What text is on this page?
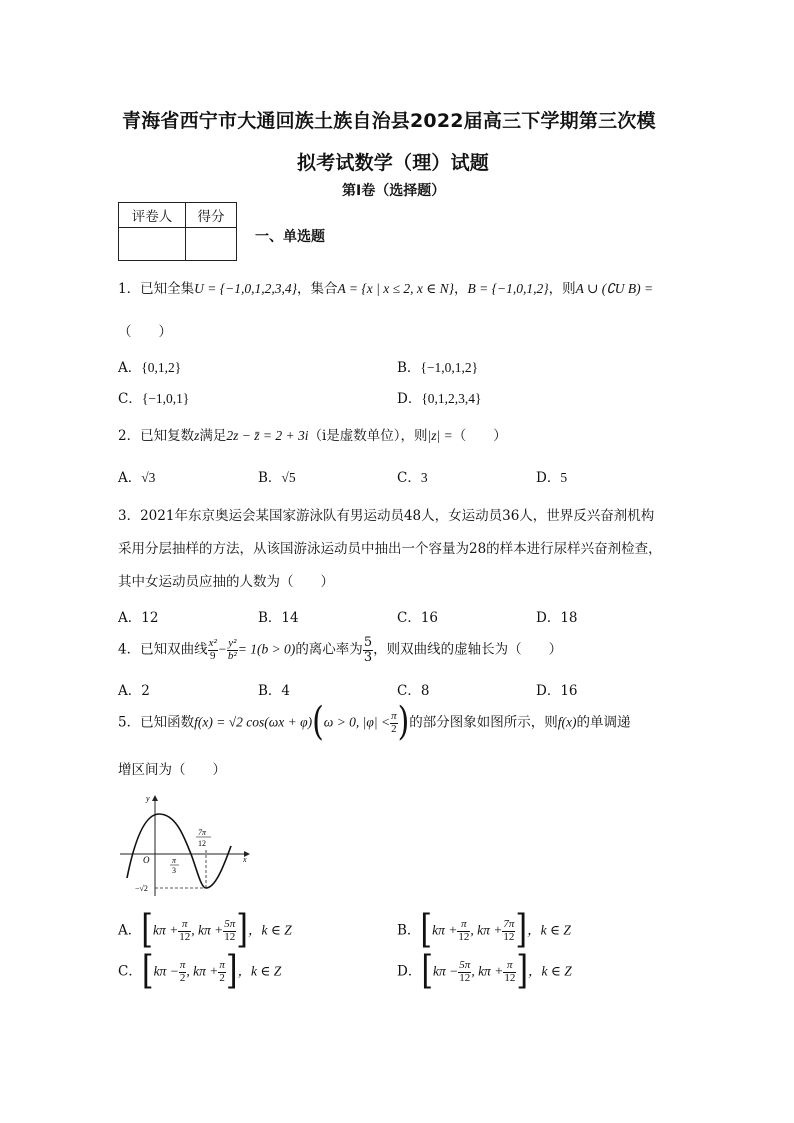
青海省西宁市大通回族土族自治县2022届高三下学期第三次模
拟考试数学（理）试题
第I卷（选择题）
评卷人	得分

一、单选题
1．已知全集U = {−1,0,1,2,3,4}，集合A = {x | x ≤ 2, x ∈ N}，B = {−1,0,1,2}，则A ∪ (∁U B) =
（　　）
A．{0,1,2}	B．{−1,0,1,2}
C．{−1,0,1}	D．{0,1,2,3,4}
2．已知复数z满足2z − z̄ = 2 + 3i（i是虚数单位），则|z| =（　　）
A．√3	B．√5	C．3	D．5
3．2021年东京奥运会某国家游泳队有男运动员48人，女运动员36人，世界反兴奋剂机构
采用分层抽样的方法，从该国游泳运动员中抽出一个容量为28的样本进行尿样兴奋剂检查，
其中女运动员应抽的人数为（　　）
A．12	B．14	C．16	D．18
4．已知双曲线 $\frac{\text{x²}}{9} - \frac{\text{y²}}{\text{b²}} = 1(b > 0)$的离心率为 $\frac{5}{3}$ ，则双曲线的虚轴长为（　　）
A．2	B．4	C．8	D．16
5．已知函数f(x) = √2 cos(ωx + φ)(ω > 0, $|\varphi| < \frac{\pi}{2}$ )的部分图象如图所示，则f(x)的单调递
增区间为（　　）
y
x
O	π
3
7π
12
−√2
A．[$k\pi + \frac{\pi}{12}$ , $k\pi + \frac{5\pi}{12}$ ]，k ∈ Z	B．[$k\pi + \frac{\pi}{12}$ , $k\pi + \frac{7\pi}{12}$ ]，k ∈ Z
C．[$k\pi - \frac{\pi}{2}$ , $k\pi + \frac{\pi}{2}$ ]，k ∈ Z	D．[$k\pi - \frac{5\pi}{12}$ , $k\pi + \frac{\pi}{12}$ ]，k ∈ Z
